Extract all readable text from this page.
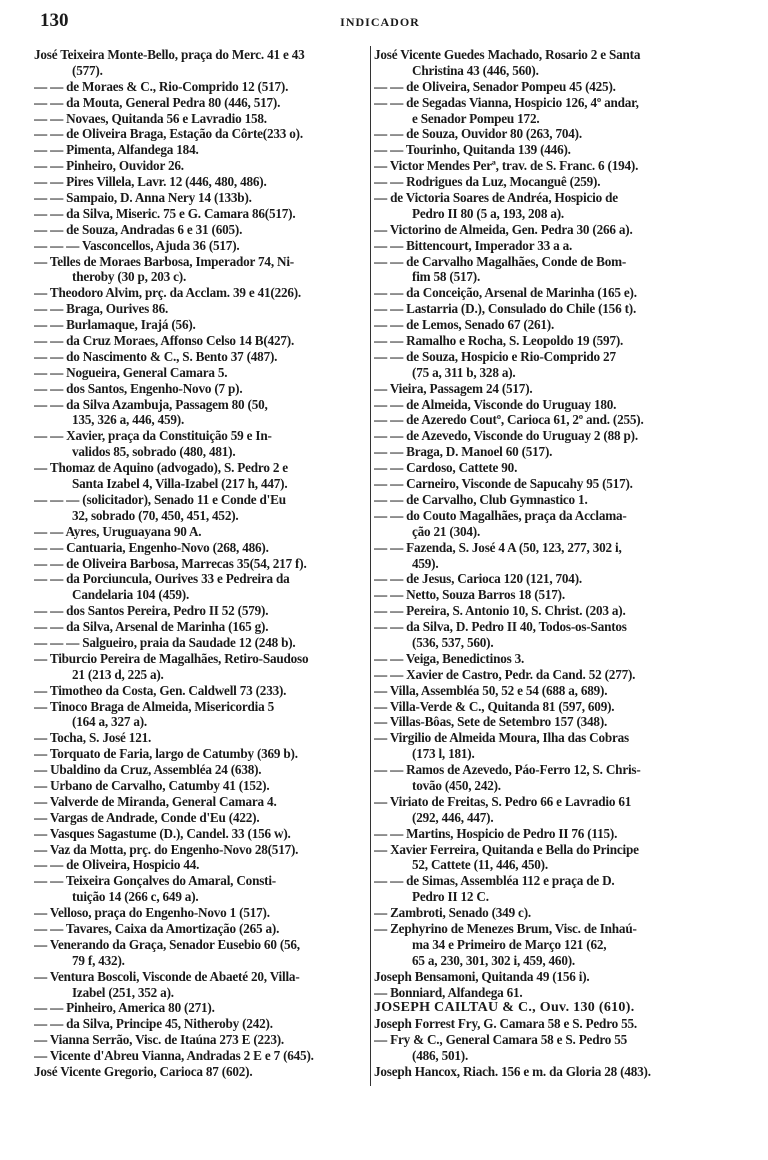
130	INDICADOR
José Teixeira Monte-Bello, praça do Merc. 41 e 43
(577).
— — de Moraes & C., Rio-Comprido 12 (517).
— — da Mouta, General Pedra 80 (446, 517).
— — Novaes, Quitanda 56 e Lavradio 158.
— — de Oliveira Braga, Estação da Côrte(233 o).
— — Pimenta, Alfandega 184.
— — Pinheiro, Ouvidor 26.
— — Pires Villela, Lavr. 12 (446, 480, 486).
— — Sampaio, D. Anna Nery 14 (133b).
— — da Silva, Miseric. 75 e G. Camara 86(517).
— — de Souza, Andradas 6 e 31 (605).
— — — Vasconcellos, Ajuda 36 (517).
— Telles de Moraes Barbosa, Imperador 74, Ni-
theroby (30 p, 203 c).
— Theodoro Alvim, prç. da Acclam. 39 e 41(226).
— — Braga, Ourives 86.
— — Burlamaque, Irajá (56).
— — da Cruz Moraes, Affonso Celso 14 B(427).
— — do Nascimento & C., S. Bento 37 (487).
— — Nogueira, General Camara 5.
— — dos Santos, Engenho-Novo (7 p).
— — da Silva Azambuja, Passagem 80 (50,
135, 326 a, 446, 459).
— — Xavier, praça da Constituição 59 e In-
validos 85, sobrado (480, 481).
— Thomaz de Aquino (advogado), S. Pedro 2 e
Santa Izabel 4, Villa-Izabel (217 h, 447).
— — — (solicitador), Senado 11 e Conde d'Eu
32, sobrado (70, 450, 451, 452).
— — Ayres, Uruguayana 90 A.
— — Cantuaria, Engenho-Novo (268, 486).
— — de Oliveira Barbosa, Marrecas 35(54, 217 f).
— — da Porciuncula, Ourives 33 e Pedreira da
Candelaria 104 (459).
— — dos Santos Pereira, Pedro II 52 (579).
— — da Silva, Arsenal de Marinha (165 g).
— — — Salgueiro, praia da Saudade 12 (248 b).
— Tiburcio Pereira de Magalhães, Retiro-Saudoso
21 (213 d, 225 a).
— Timotheo da Costa, Gen. Caldwell 73 (233).
— Tinoco Braga de Almeida, Misericordia 5
(164 a, 327 a).
— Tocha, S. José 121.
— Torquato de Faria, largo de Catumby (369 b).
— Ubaldino da Cruz, Assembléa 24 (638).
— Urbano de Carvalho, Catumby 41 (152).
— Valverde de Miranda, General Camara 4.
— Vargas de Andrade, Conde d'Eu (422).
— Vasques Sagastume (D.), Candel. 33 (156 w).
— Vaz da Motta, prç. do Engenho-Novo 28(517).
— — de Oliveira, Hospicio 44.
— — Teixeira Gonçalves do Amaral, Consti-
tuição 14 (266 c, 649 a).
— Velloso, praça do Engenho-Novo 1 (517).
— — Tavares, Caixa da Amortização (265 a).
— Venerando da Graça, Senador Eusebio 60 (56,
79 f, 432).
— Ventura Boscoli, Visconde de Abaeté 20, Villa-
Izabel (251, 352 a).
— — Pinheiro, America 80 (271).
— — da Silva, Principe 45, Nitheroby (242).
— Vianna Serrão, Visc. de Itaúna 273 E (223).
— Vicente d'Abreu Vianna, Andradas 2 E e 7 (645).
José Vicente Gregorio, Carioca 87 (602).
José Vicente Guedes Machado, Rosario 2 e Santa
Christina 43 (446, 560).
— — de Oliveira, Senador Pompeu 45 (425).
— — de Segadas Vianna, Hospicio 126, 4º andar,
e Senador Pompeu 172.
— — de Souza, Ouvidor 80 (263, 704).
— — Tourinho, Quitanda 139 (446).
— Victor Mendes Perª, trav. de S. Franc. 6 (194).
— — Rodrigues da Luz, Mocanguê (259).
— de Victoria Soares de Andréa, Hospicio de
Pedro II 80 (5 a, 193, 208 a).
— Victorino de Almeida, Gen. Pedra 30 (266 a).
— — Bittencourt, Imperador 33 a a.
— — de Carvalho Magalhães, Conde de Bom-
fim 58 (517).
— — da Conceição, Arsenal de Marinha (165 e).
— — Lastarria (D.), Consulado do Chile (156 t).
— — de Lemos, Senado 67 (261).
— — Ramalho e Rocha, S. Leopoldo 19 (597).
— — de Souza, Hospicio e Rio-Comprido 27
(75 a, 311 b, 328 a).
— Vieira, Passagem 24 (517).
— — de Almeida, Visconde do Uruguay 180.
— — de Azeredo Coutº, Carioca 61, 2º and. (255).
— — de Azevedo, Visconde do Uruguay 2 (88 p).
— — Braga, D. Manoel 60 (517).
— — Cardoso, Cattete 90.
— — Carneiro, Visconde de Sapucahy 95 (517).
— — de Carvalho, Club Gymnastico 1.
— — do Couto Magalhães, praça da Acclama-
ção 21 (304).
— — Fazenda, S. José 4 A (50, 123, 277, 302 i,
459).
— — de Jesus, Carioca 120 (121, 704).
— — Netto, Souza Barros 18 (517).
— — Pereira, S. Antonio 10, S. Christ. (203 a).
— — da Silva, D. Pedro II 40, Todos-os-Santos
(536, 537, 560).
— — Veiga, Benedictinos 3.
— — Xavier de Castro, Pedr. da Cand. 52 (277).
— Villa, Assembléa 50, 52 e 54 (688 a, 689).
— Villa-Verde & C., Quitanda 81 (597, 609).
— Villas-Bôas, Sete de Setembro 157 (348).
— Virgilio de Almeida Moura, Ilha das Cobras
(173 l, 181).
— — Ramos de Azevedo, Páo-Ferro 12, S. Chris-
tovão (450, 242).
— Viriato de Freitas, S. Pedro 66 e Lavradio 61
(292, 446, 447).
— — Martins, Hospicio de Pedro II 76 (115).
— Xavier Ferreira, Quitanda e Bella do Principe
52, Cattete (11, 446, 450).
— — de Simas, Assembléa 112 e praça de D.
Pedro II 12 C.
— Zambroti, Senado (349 c).
— Zephyrino de Menezes Brum, Visc. de Inhaú-
ma 34 e Primeiro de Março 121 (62,
65 a, 230, 301, 302 i, 459, 460).
Joseph Bensamoni, Quitanda 49 (156 i).
— Bonniard, Alfandega 61.
JOSEPH CAILTAU & C., Ouv. 130 (610).
Joseph Forrest Fry, G. Camara 58 e S. Pedro 55.
— Fry & C., General Camara 58 e S. Pedro 55
(486, 501).
Joseph Hancox, Riach. 156 e m. da Gloria 28 (483).
